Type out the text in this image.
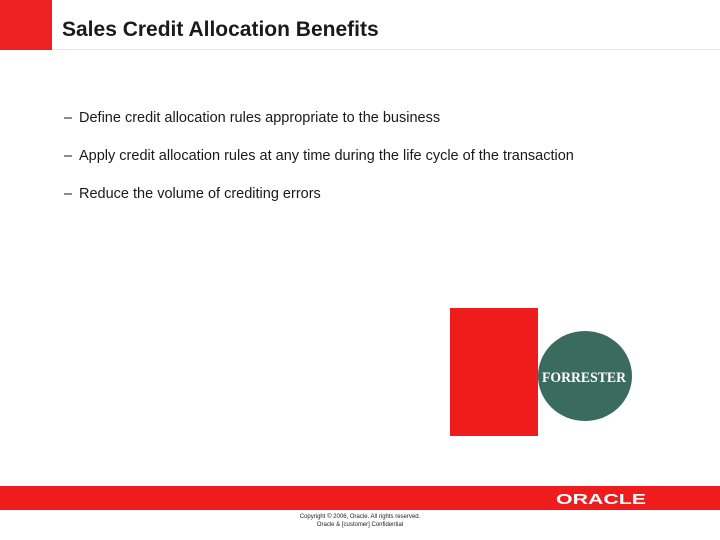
Sales Credit Allocation Benefits
– Define credit allocation rules appropriate to the business
– Apply credit allocation rules at any time during the life cycle of the transaction
– Reduce the volume of crediting errors
FORRESTER
ORACLE
Copyright © 2006, Oracle. All rights reserved.
Oracle & [customer] Confidential
